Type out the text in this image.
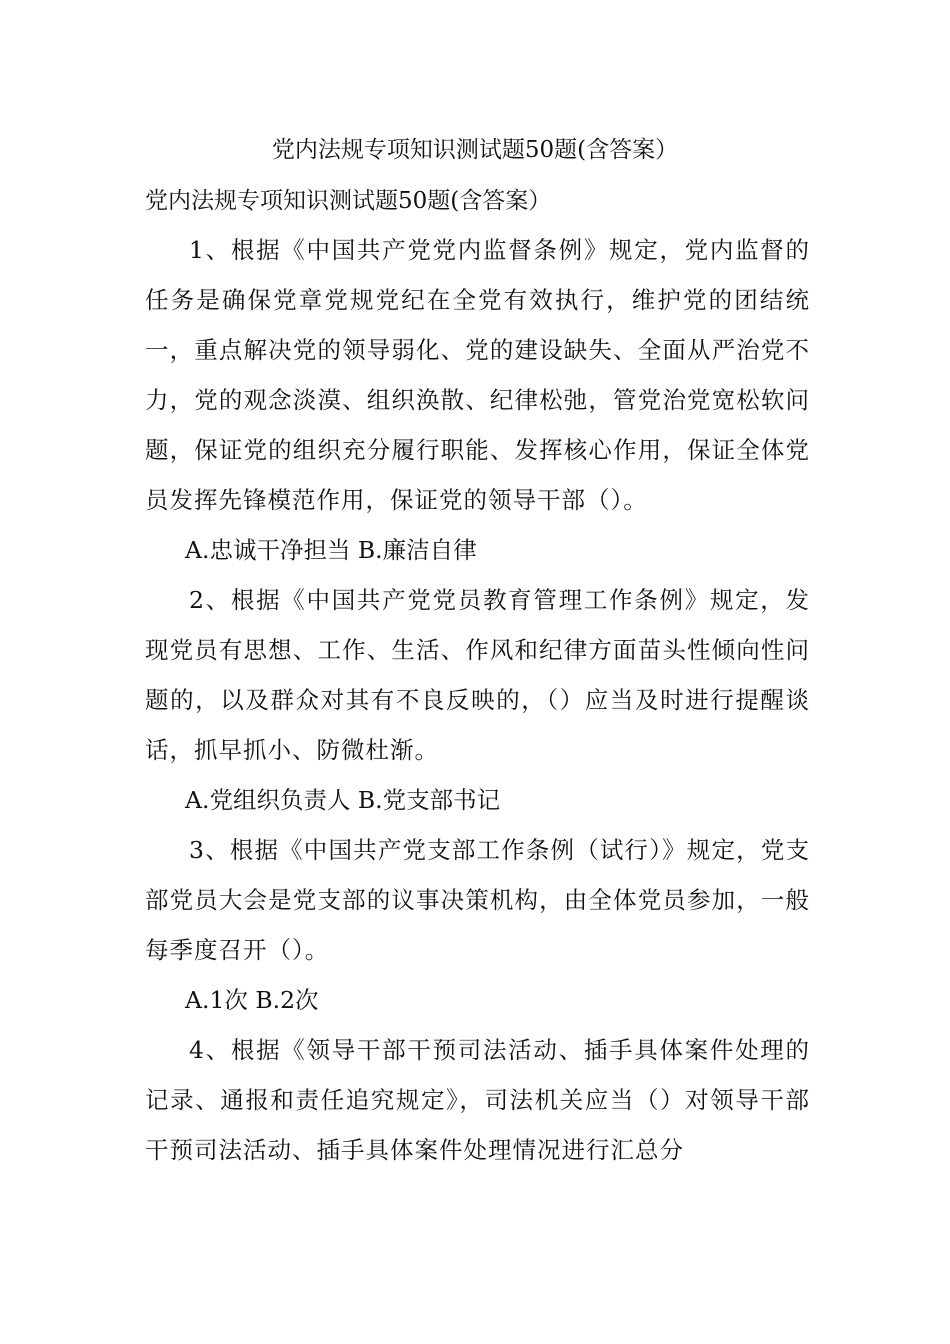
党内法规专项知识测试题50题(含答案）
党内法规专项知识测试题50题(含答案）

1、根据《中国共产党党内监督条例》规定，党内监督的任务是确保党章党规党纪在全党有效执行，维护党的团结统一，重点解决党的领导弱化、党的建设缺失、全面从严治党不力，党的观念淡漠、组织涣散、纪律松弛，管党治党宽松软问题，保证党的组织充分履行职能、发挥核心作用，保证全体党员发挥先锋模范作用，保证党的领导干部（）。

A.忠诚干净担当 B.廉洁自律

2、根据《中国共产党党员教育管理工作条例》规定，发现党员有思想、工作、生活、作风和纪律方面苗头性倾向性问题的，以及群众对其有不良反映的，（）应当及时进行提醒谈话，抓早抓小、防微杜渐。

A.党组织负责人 B.党支部书记

3、根据《中国共产党支部工作条例（试行）》规定，党支部党员大会是党支部的议事决策机构，由全体党员参加，一般每季度召开（）。

A.1次 B.2次

4、根据《领导干部干预司法活动、插手具体案件处理的记录、通报和责任追究规定》，司法机关应当（）对领导干部干预司法活动、插手具体案件处理情况进行汇总分
